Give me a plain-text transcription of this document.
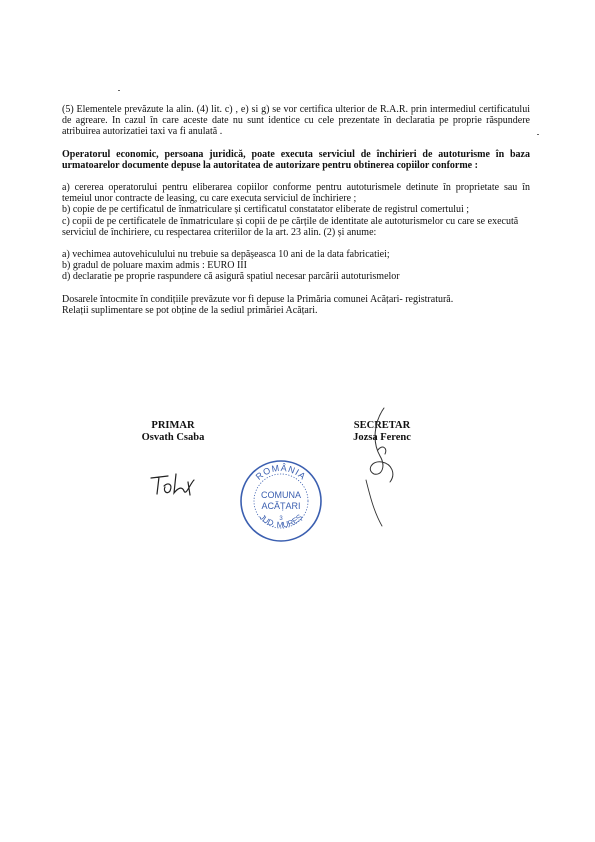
(5) Elementele prevăzute la alin. (4) lit. c) , e) si g) se vor certifica ulterior de R.A.R. prin intermediul certificatului de agreare. In cazul în care aceste date nu sunt identice cu cele prezentate în declaratia pe proprie răspundere atribuirea autorizatiei taxi va fi anulată .

Operatorul economic, persoana juridică, poate executa serviciul de închirieri de autoturisme în baza urmatoarelor documente depuse la autoritatea de autorizare pentru obtinerea copiilor conforme :

a) cererea operatorului pentru eliberarea copiilor conforme pentru autoturismele detinute în proprietate sau în temeiul unor contracte de leasing, cu care executa serviciul de închiriere ;

b) copie de pe certificatul de înmatriculare și certificatul constatator eliberate de registrul comertului ;

c) copii de pe certificatele de înmatriculare și copii de pe cărțile de identitate ale autoturismelor cu care se execută serviciul de închiriere, cu respectarea criteriilor de la art. 23 alin. (2) și anume:

a) vechimea autovehiculului nu trebuie sa depășeasca 10 ani de la data fabricatiei;

b) gradul de poluare maxim admis : EURO III

d) declaratie pe proprie raspundere că asigură spatiul necesar parcării autoturismelor

Dosarele întocmite în condițiile prevăzute vor fi depuse la Primăria comunei Acățari- registratură.

Relații suplimentare se pot obține de la sediul primăriei Acățari.

PRIMAR
Osvath Csaba
SECRETAR
Jozsa Ferenc
ROMÂNIA
COMUNA
ACĂȚARI
3
JUD. MUREȘ
